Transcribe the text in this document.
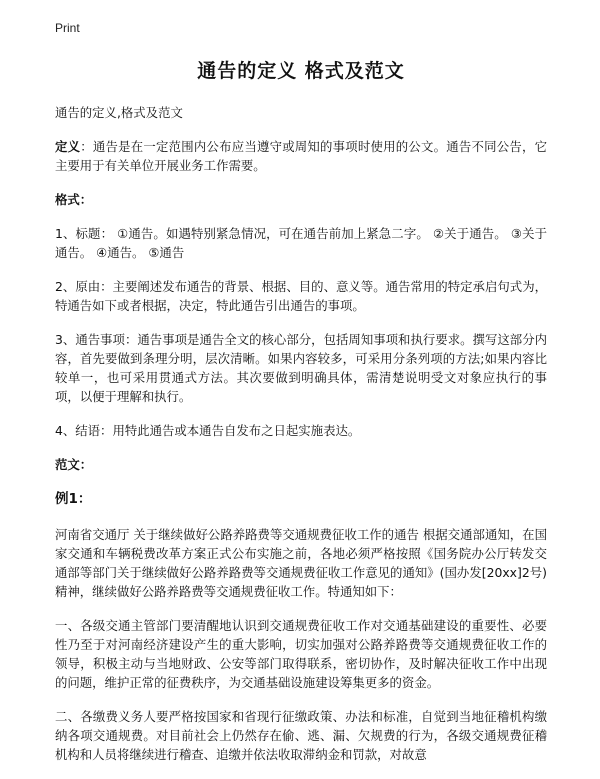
Print
通告的定义 格式及范文

通告的定义,格式及范文

定义：通告是在一定范围内公布应当遵守或周知的事项时使用的公文。通告不同公告，它主要用于有关单位开展业务工作需要。

格式：

1、标题： ①通告。如遇特别紧急情况，可在通告前加上紧急二字。 ②关于通告。 ③关于通告。 ④通告。 ⑤通告

2、原由：主要阐述发布通告的背景、根据、目的、意义等。通告常用的特定承启句式为，特通告如下或者根据，决定，特此通告引出通告的事项。

3、通告事项：通告事项是通告全文的核心部分，包括周知事项和执行要求。撰写这部分内容，首先要做到条理分明，层次清晰。如果内容较多，可采用分条列项的方法;如果内容比较单一，也可采用贯通式方法。其次要做到明确具体，需清楚说明受文对象应执行的事项，以便于理解和执行。

4、结语：用特此通告或本通告自发布之日起实施表达。

范文：
例1：

河南省交通厅 关于继续做好公路养路费等交通规费征收工作的通告 根据交通部通知，在国家交通和车辆税费改革方案正式公布实施之前，各地必须严格按照《国务院办公厅转发交通部等部门关于继续做好公路养路费等交通规费征收工作意见的通知》(国办发[20xx]2号)精神，继续做好公路养路费等交通规费征收工作。特通知如下：

一、各级交通主管部门要清醒地认识到交通规费征收工作对交通基础建设的重要性、必要性乃至于对河南经济建设产生的重大影响，切实加强对公路养路费等交通规费征收工作的领导，积极主动与当地财政、公安等部门取得联系，密切协作，及时解决征收工作中出现的问题，维护正常的征费秩序，为交通基础设施建设筹集更多的资金。

二、各缴费义务人要严格按国家和省现行征缴政策、办法和标准，自觉到当地征稽机构缴纳各项交通规费。对目前社会上仍然存在偷、逃、漏、欠规费的行为，各级交通规费征稽机构和人员将继续进行稽查、追缴并依法收取滞纳金和罚款，对故意
